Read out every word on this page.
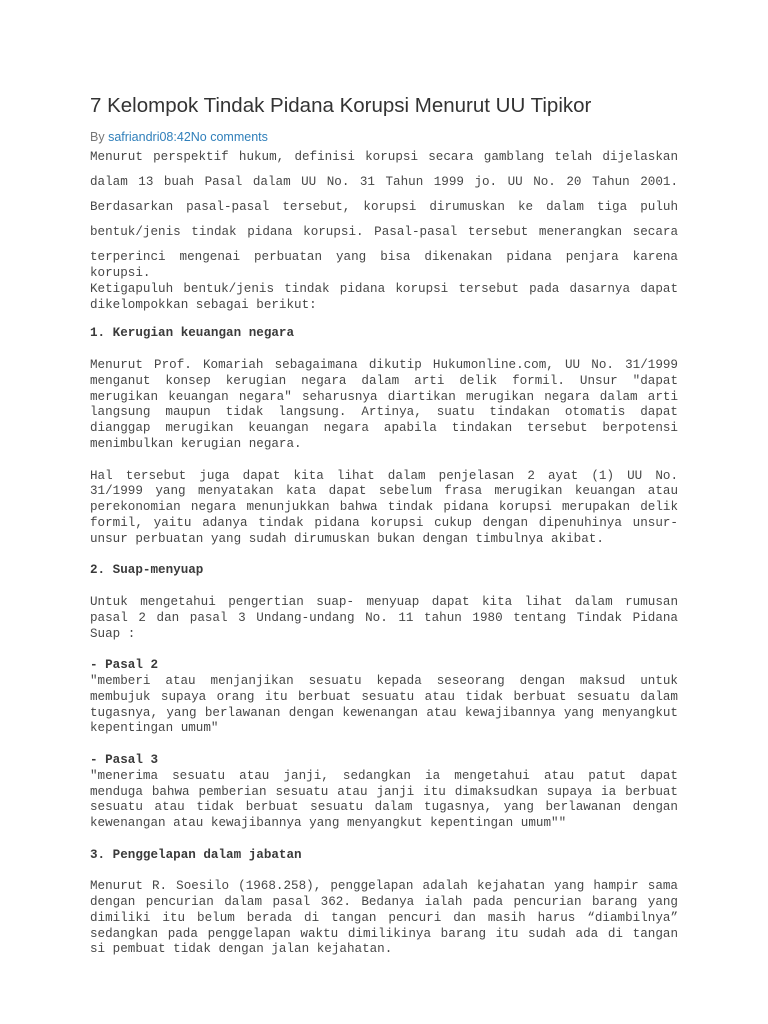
7 Kelompok Tindak Pidana Korupsi Menurut UU Tipikor
By safriandri08:42No comments
Menurut perspektif hukum, definisi korupsi secara gamblang telah dijelaskan
dalam 13 buah Pasal dalam UU No. 31 Tahun 1999 jo. UU No. 20 Tahun 2001.
Berdasarkan pasal-pasal tersebut, korupsi dirumuskan ke dalam tiga puluh
bentuk/jenis tindak pidana korupsi. Pasal-pasal tersebut menerangkan secara
terperinci mengenai perbuatan yang bisa dikenakan pidana penjara karena
korupsi.
Ketigapuluh bentuk/jenis tindak pidana korupsi tersebut pada dasarnya dapat
dikelompokkan sebagai berikut:
1. Kerugian keuangan negara
Menurut Prof. Komariah sebagaimana dikutip Hukumonline.com, UU No. 31/1999
menganut konsep kerugian negara dalam arti delik formil. Unsur "dapat
merugikan keuangan negara" seharusnya diartikan merugikan negara dalam arti
langsung maupun tidak langsung. Artinya, suatu tindakan otomatis dapat
dianggap merugikan keuangan negara apabila tindakan tersebut berpotensi
menimbulkan kerugian negara.
Hal tersebut juga dapat kita lihat dalam penjelasan 2 ayat (1) UU No.
31/1999 yang menyatakan kata dapat sebelum frasa merugikan keuangan atau
perekonomian negara menunjukkan bahwa tindak pidana korupsi merupakan delik
formil, yaitu adanya tindak pidana korupsi cukup dengan dipenuhinya unsur-
unsur perbuatan yang sudah dirumuskan bukan dengan timbulnya akibat.
2. Suap-menyuap
Untuk mengetahui pengertian suap- menyuap dapat kita lihat dalam rumusan
pasal 2 dan pasal 3 Undang-undang No. 11 tahun 1980 tentang Tindak Pidana
Suap :
- Pasal 2
"memberi atau menjanjikan sesuatu kepada seseorang dengan maksud untuk
membujuk supaya orang itu berbuat sesuatu atau tidak berbuat sesuatu dalam
tugasnya, yang berlawanan dengan kewenangan atau kewajibannya yang menyangkut
kepentingan umum"
- Pasal 3
"menerima sesuatu atau janji, sedangkan ia mengetahui atau patut dapat
menduga bahwa pemberian sesuatu atau janji itu dimaksudkan supaya ia berbuat
sesuatu atau tidak berbuat sesuatu dalam tugasnya, yang berlawanan dengan
kewenangan atau kewajibannya yang menyangkut kepentingan umum""
3. Penggelapan dalam jabatan
Menurut R. Soesilo (1968.258), penggelapan adalah kejahatan yang hampir sama
dengan pencurian dalam pasal 362. Bedanya ialah pada pencurian barang yang
dimiliki itu belum berada di tangan pencuri dan masih harus “diambilnya”
sedangkan pada penggelapan waktu dimilikinya barang itu sudah ada di tangan
si pembuat tidak dengan jalan kejahatan.
